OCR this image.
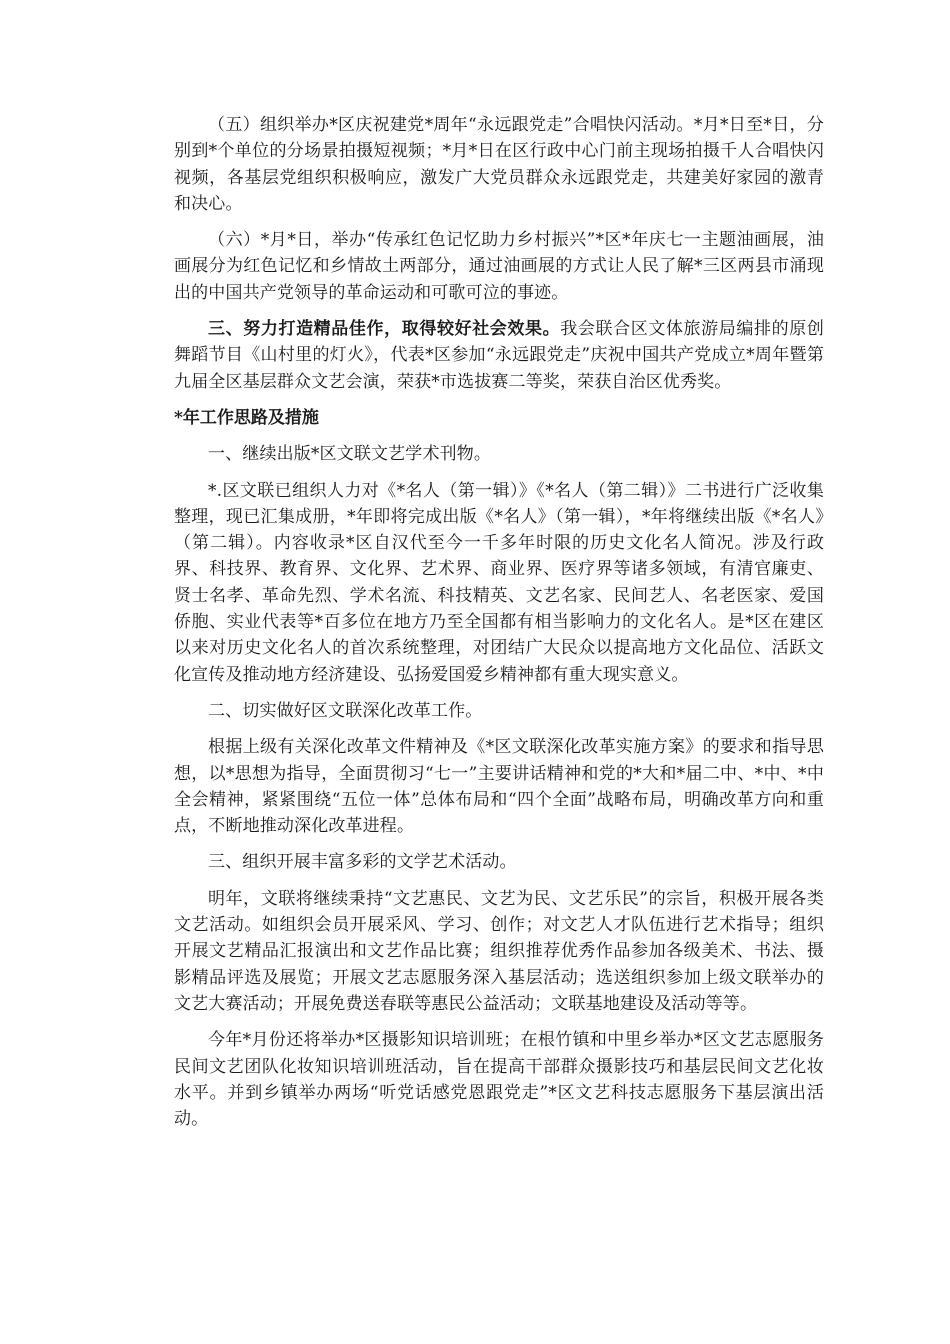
（五）组织举办*区庆祝建党*周年“永远跟党走”合唱快闪活动。*月*日至*日，分别到*个单位的分场景拍摄短视频；*月*日在区行政中心门前主现场拍摄千人合唱快闪视频，各基层党组织积极响应，激发广大党员群众永远跟党走，共建美好家园的激青和决心。

（六）*月*日，举办“传承红色记忆助力乡村振兴”*区*年庆七一主题油画展，油画展分为红色记忆和乡情故土两部分，通过油画展的方式让人民了解*三区两县市涌现出的中国共产党领导的革命运动和可歌可泣的事迹。

三、努力打造精品佳作，取得较好社会效果。我会联合区文体旅游局编排的原创舞蹈节目《山村里的灯火》，代表*区参加“永远跟党走”庆祝中国共产党成立*周年暨第九届全区基层群众文艺会演，荣获*市选拔赛二等奖，荣获自治区优秀奖。

*年工作思路及措施

一、继续出版*区文联文艺学术刊物。

*.区文联已组织人力对《*名人（第一辑）》《*名人（第二辑）》二书进行广泛收集整理，现已汇集成册，*年即将完成出版《*名人》（第一辑），*年将继续出版《*名人》（第二辑）。内容收录*区自汉代至今一千多年时限的历史文化名人简况。涉及行政界、科技界、教育界、文化界、艺术界、商业界、医疗界等诸多领域，有清官廉吏、贤士名孝、革命先烈、学术名流、科技精英、文艺名家、民间艺人、名老医家、爱国侨胞、实业代表等*百多位在地方乃至全国都有相当影响力的文化名人。是*区在建区以来对历史文化名人的首次系统整理，对团结广大民众以提高地方文化品位、活跃文化宣传及推动地方经济建设、弘扬爱国爱乡精神都有重大现实意义。

二、切实做好区文联深化改革工作。

根据上级有关深化改革文件精神及《*区文联深化改革实施方案》的要求和指导思想，以*思想为指导，全面贯彻习“七一”主要讲话精神和党的*大和*届二中、*中、*中全会精神，紧紧围绕“五位一体”总体布局和“四个全面”战略布局，明确改革方向和重点，不断地推动深化改革进程。

三、组织开展丰富多彩的文学艺术活动。

明年，文联将继续秉持“文艺惠民、文艺为民、文艺乐民”的宗旨，积极开展各类文艺活动。如组织会员开展采风、学习、创作；对文艺人才队伍进行艺术指导；组织开展文艺精品汇报演出和文艺作品比赛；组织推荐优秀作品参加各级美术、书法、摄影精品评选及展览；开展文艺志愿服务深入基层活动；选送组织参加上级文联举办的文艺大赛活动；开展免费送春联等惠民公益活动；文联基地建设及活动等等。

今年*月份还将举办*区摄影知识培训班；在根竹镇和中里乡举办*区文艺志愿服务民间文艺团队化妆知识培训班活动，旨在提高干部群众摄影技巧和基层民间文艺化妆水平。并到乡镇举办两场“听党话感党恩跟党走”*区文艺科技志愿服务下基层演出活动。
